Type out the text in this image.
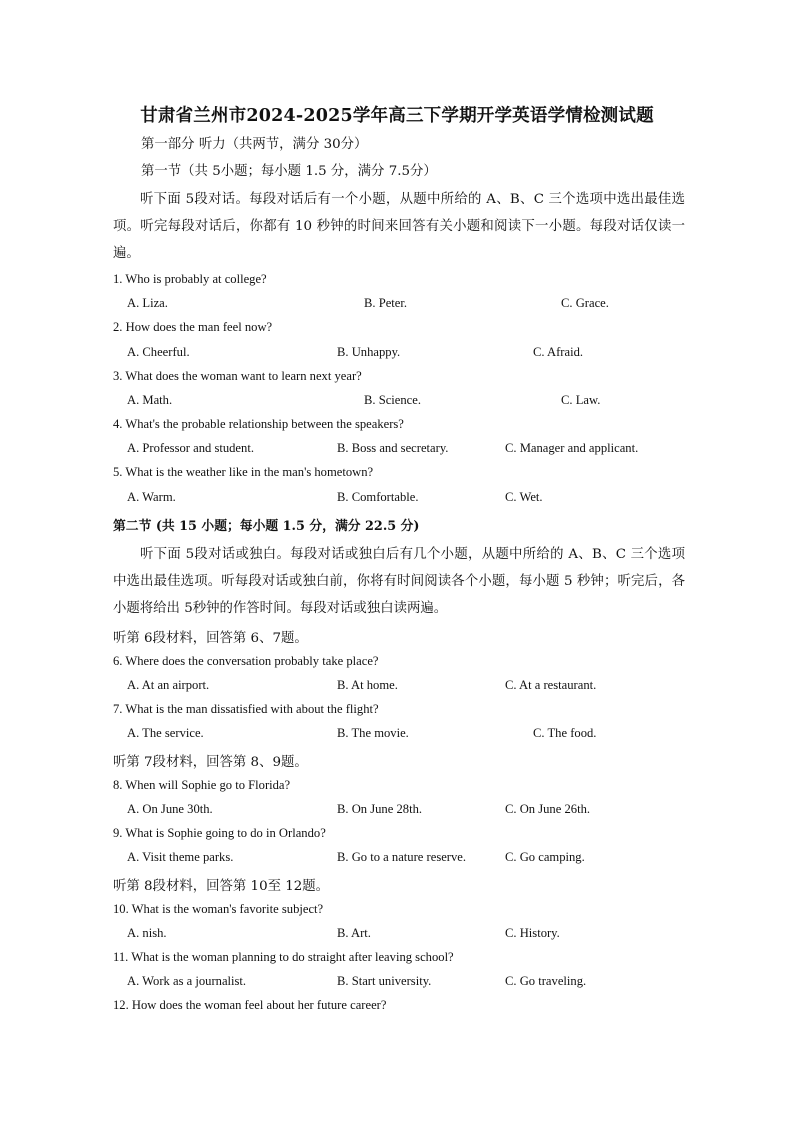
甘肃省兰州市2024-2025学年高三下学期开学英语学情检测试题
第一部分 听力（共两节，满分 30分）
第一节（共 5小题；每小题 1.5 分，满分 7.5分）
听下面 5段对话。每段对话后有一个小题，从题中所给的 A、B、C 三个选项中选出最佳选项。听完每段对话后，你都有 10 秒钟的时间来回答有关小题和阅读下一小题。每段对话仅读一遍。
1. Who is probably at college?
A. Liza.	B. Peter.	C. Grace.
2. How does the man feel now?
A. Cheerful.	B. Unhappy.	C. Afraid.
3. What does the woman want to learn next year?
A. Math.	B. Science.	C. Law.
4. What's the probable relationship between the speakers?
A. Professor and student.	B. Boss and secretary.	C. Manager and applicant.
5. What is the weather like in the man's hometown?
A. Warm.	B. Comfortable.	C. Wet.
第二节 (共 15 小题；每小题 1.5 分，满分 22.5 分)
听下面 5段对话或独白。每段对话或独白后有几个小题，从题中所给的 A、B、C 三个选项中选出最佳选项。听每段对话或独白前，你将有时间阅读各个小题，每小题 5 秒钟；听完后，各小题将给出 5秒钟的作答时间。每段对话或独白读两遍。
听第 6段材料，回答第 6、7题。
6. Where does the conversation probably take place?
A. At an airport.	B. At home.	C. At a restaurant.
7. What is the man dissatisfied with about the flight?
A. The service.	B. The movie.	C. The food.
听第 7段材料，回答第 8、9题。
8. When will Sophie go to Florida?
A. On June 30th.	B. On June 28th.	C. On June 26th.
9. What is Sophie going to do in Orlando?
A. Visit theme parks.	B. Go to a nature reserve.	C. Go camping.
听第 8段材料，回答第 10至 12题。
10. What is the woman's favorite subject?
A. nish.	B. Art.	C. History.
11. What is the woman planning to do straight after leaving school?
A. Work as a journalist.	B. Start university.	C. Go traveling.
12. How does the woman feel about her future career?
